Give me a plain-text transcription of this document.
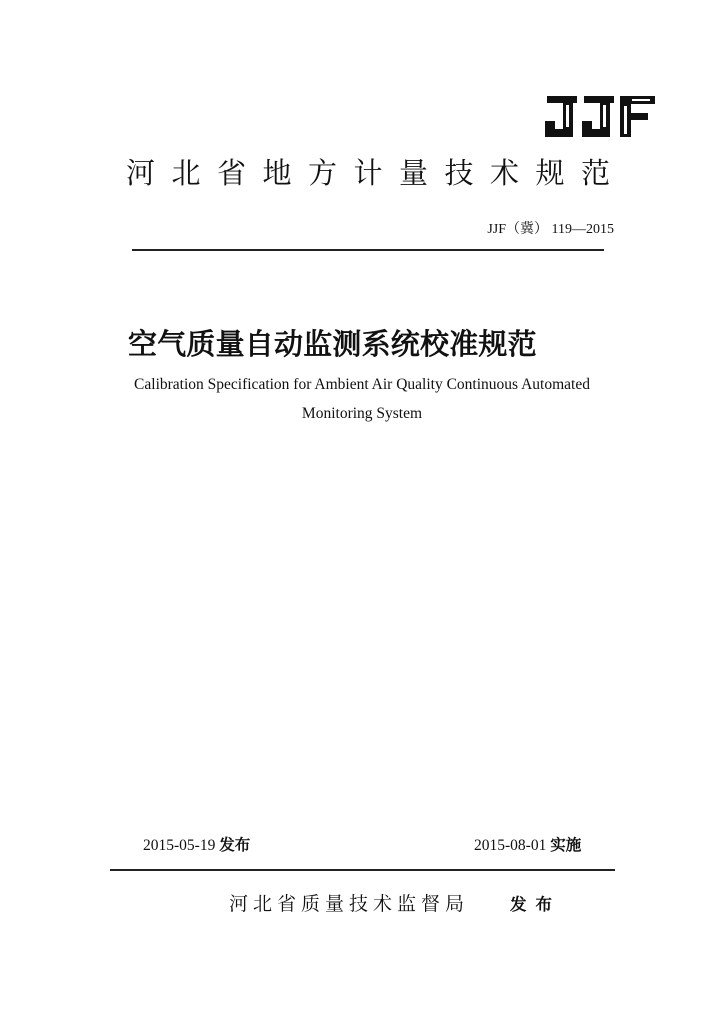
河北省地方计量技术规范
JJF（冀） 119—2015
空气质量自动监测系统校准规范
Calibration Specification for Ambient Air Quality Continuous Automated
Monitoring System
2015-05-19 发布	2015-08-01 实施
河北省质量技术监督局 发布
